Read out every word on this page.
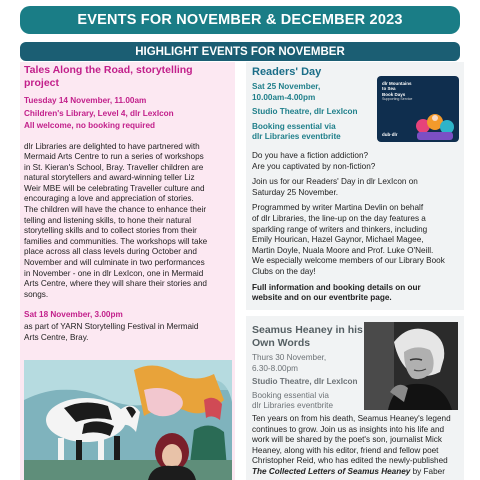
EVENTS FOR NOVEMBER & DECEMBER 2023
HIGHLIGHT EVENTS FOR NOVEMBER
Tales Along the Road, storytelling
project
Tuesday 14 November, 11.00am
Children's Library, Level 4, dlr LexIcon
All welcome, no booking required
dlr Libraries are delighted to have partnered with
Mermaid Arts Centre to run a series of workshops
in St. Kieran's School, Bray. Traveller children are
natural storytellers and award-winning teller Liz
Weir MBE will be celebrating Traveller culture and
encouraging a love and appreciation of stories.
The children will have the chance to enhance their
telling and listening skills, to hone their natural
storytelling skills and to collect stories from their
families and communities. The workshops will take
place across all class levels during October and
November and will culminate in two performances
in November - one in dlr LexIcon, one in Mermaid
Arts Centre, where they will share their stories and
songs.
Sat 18 November, 3.00pm
as part of YARN Storytelling Festival in Mermaid
Arts Centre, Bray.
Readers' Day
Sat 25 November,
10.00am-4.00pm
Studio Theatre, dlr LexIcon
Booking essential via
dlr Libraries eventbrite
dlr Mountains
to Sea
Book Days
Supporting Service
dub·dlr
Do you have a fiction addiction?
Are you captivated by non-fiction?
Join us for our Readers' Day in dlr LexIcon on
Saturday 25 November.
Programmed by writer Martina Devlin on behalf
of dlr Libraries, the line-up on the day features a
sparkling range of writers and thinkers, including
Emily Hourican, Hazel Gaynor, Michael Magee,
Martin Doyle, Nuala Moore and Prof. Luke O'Neill.
We especially welcome members of our Library Book
Clubs on the day!
Full information and booking details on our
website and on our eventbrite page.
Seamus Heaney in his
Own Words
Thurs 30 November,
6.30-8.00pm
Studio Theatre, dlr LexIcon
Booking essential via
dlr Libraries eventbrite
Ten years on from his death, Seamus Heaney's legend
continues to grow. Join us as insights into his life and
work will be shared by the poet's son, journalist Mick
Heaney, along with his editor, friend and fellow poet
Christopher Reid, who has edited the newly-published
The Collected Letters of Seamus Heaney by Faber
